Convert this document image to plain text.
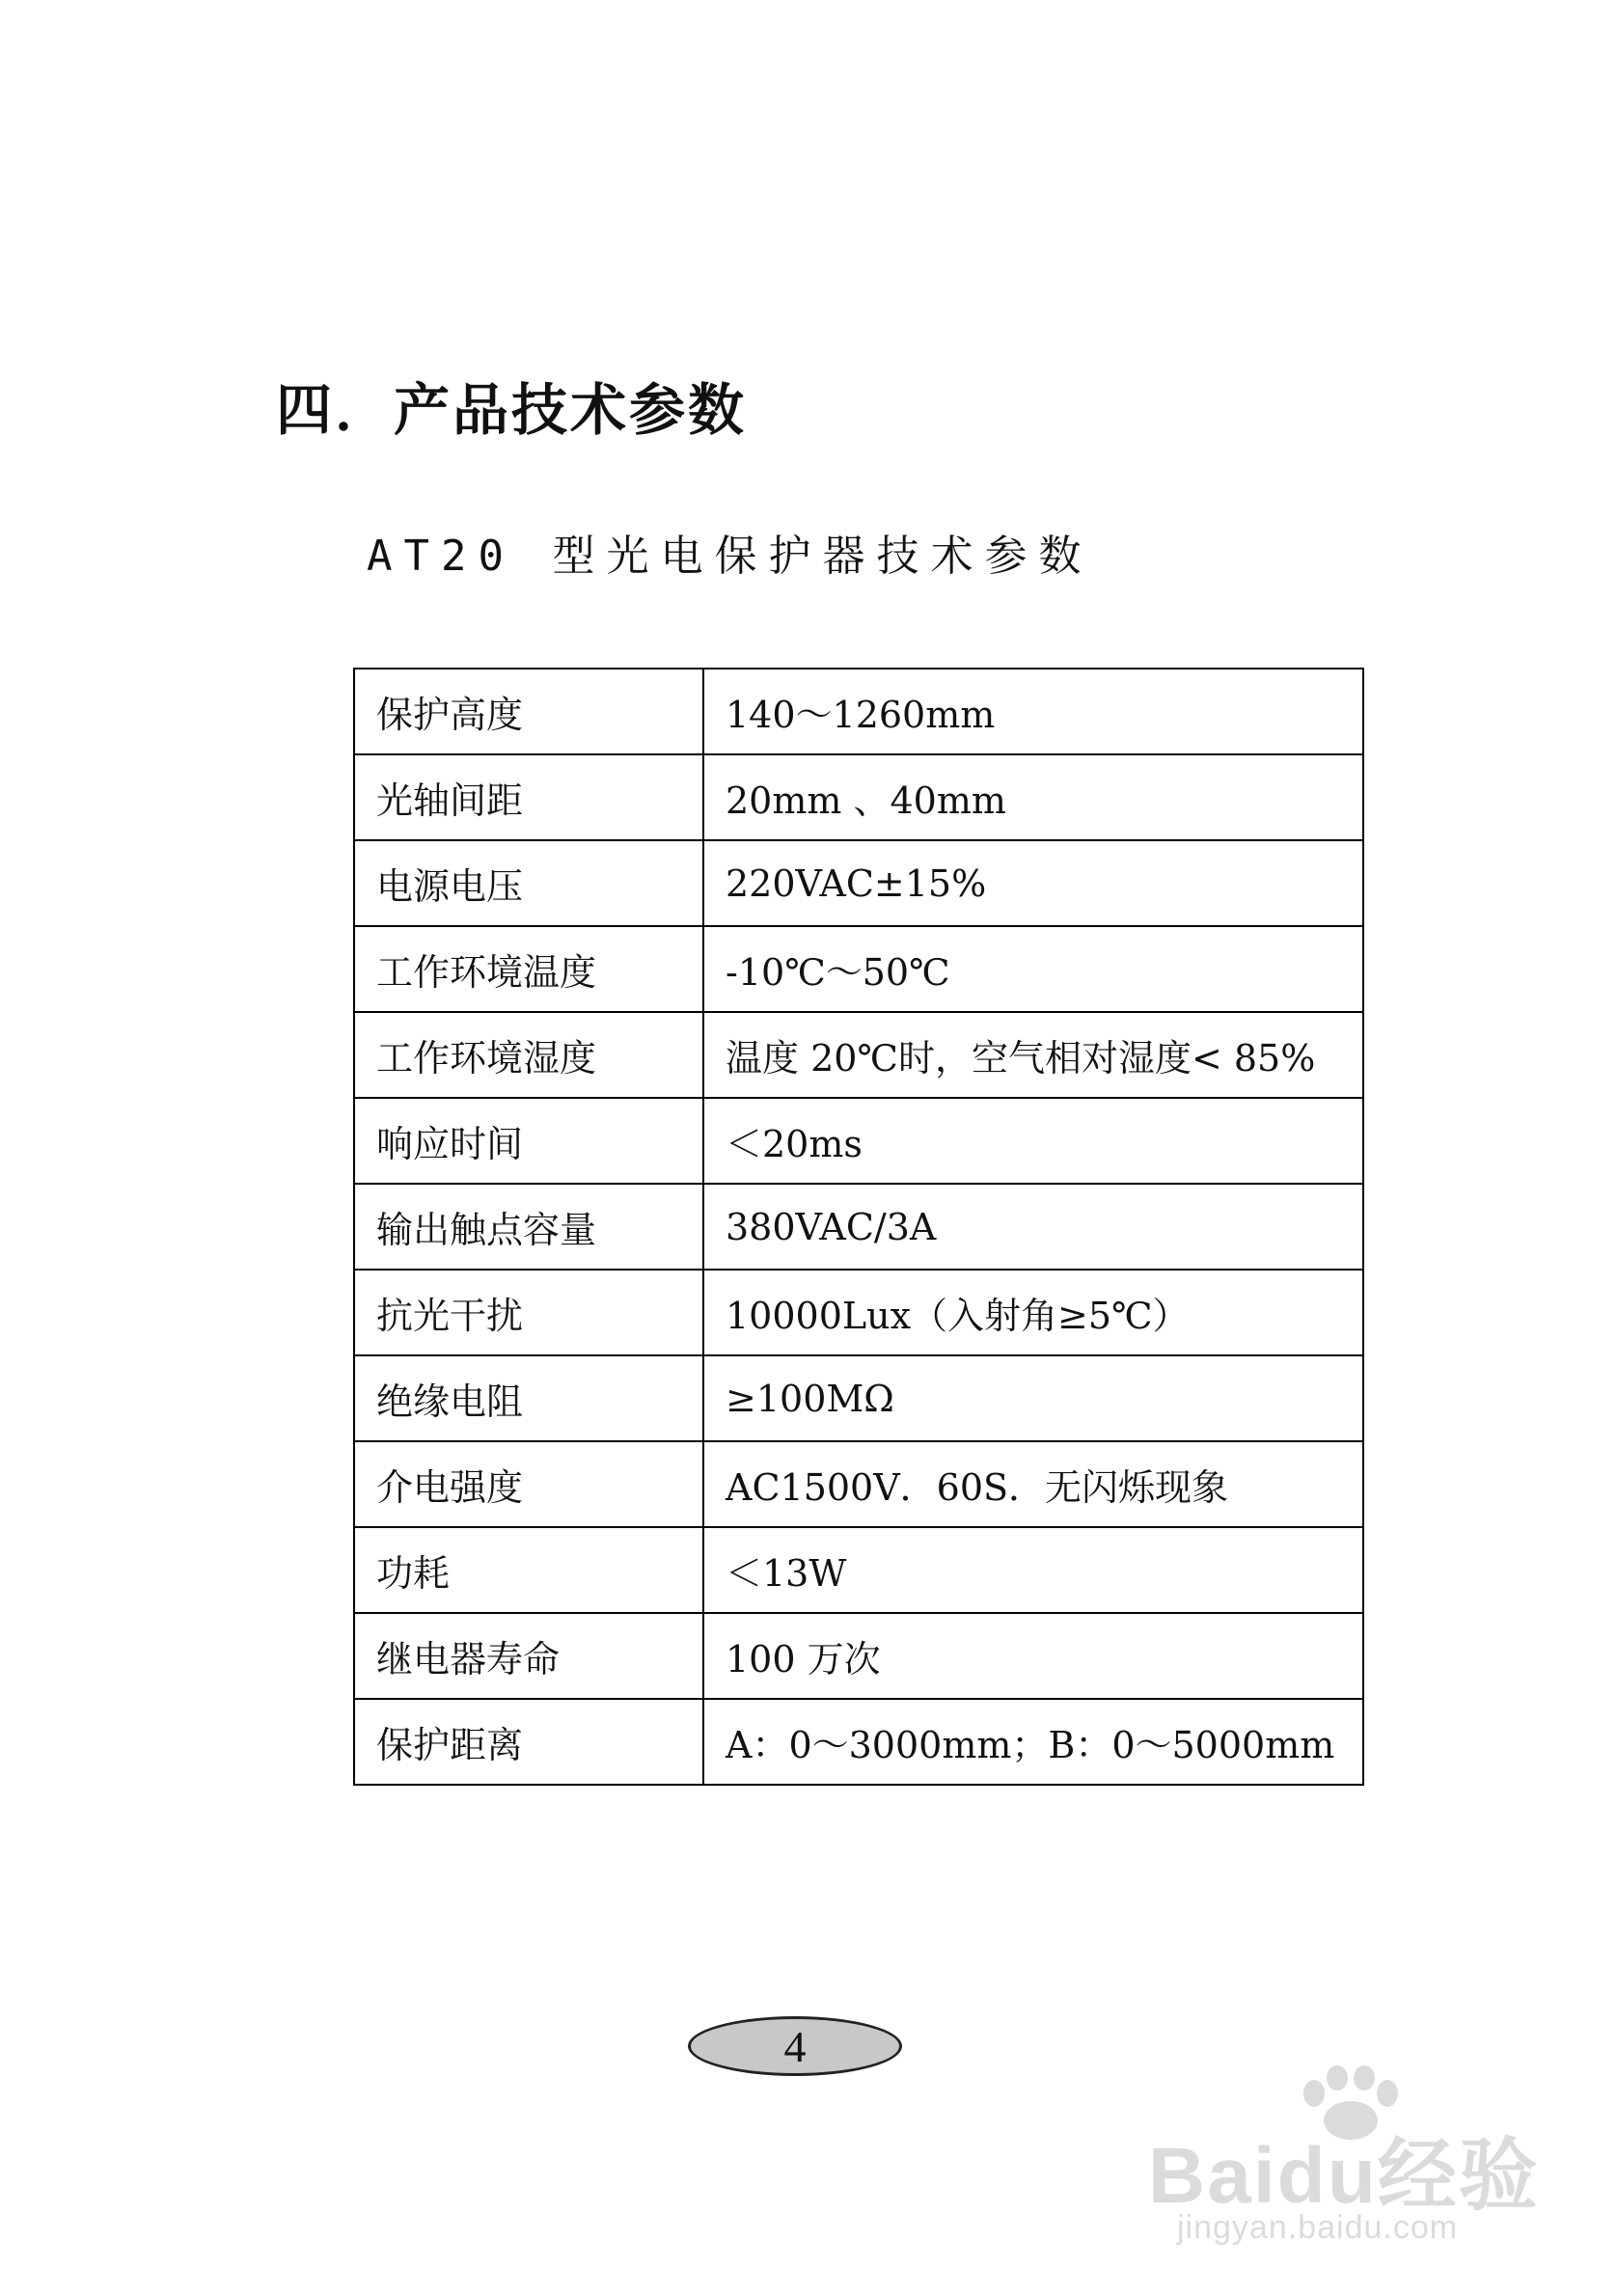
四．产品技术参数
AT20 型光电保护器技术参数
保护高度	140～1260mm
光轴间距	20mm 、40mm
电源电压	220VAC±15%
工作环境温度	-10℃～50℃
工作环境湿度	温度 20℃时，空气相对湿度< 85%
响应时间	＜20ms
输出触点容量	380VAC/3A
抗光干扰	10000Lux（入射角≥5℃）
绝缘电阻	≥100MΩ
介电强度	AC1500V．60S．无闪烁现象
功耗	＜13W
继电器寿命	100 万次
保护距离	A：0～3000mm；B：0～5000mm
4
Baidu经验
jingyan.baidu.com
